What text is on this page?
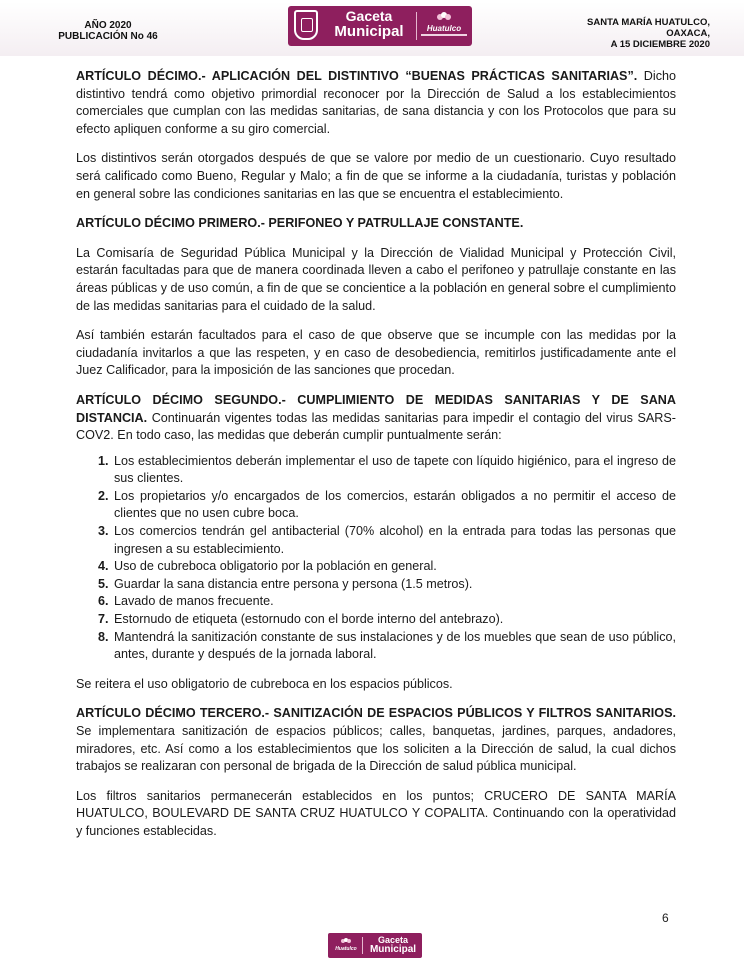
AÑO 2020
PUBLICACIÓN No 46
Gaceta
Municipal	Huatulco
SANTA MARÍA HUATULCO,
OAXACA,
A 15 DICIEMBRE 2020

ARTÍCULO DÉCIMO.- APLICACIÓN DEL DISTINTIVO “BUENAS PRÁCTICAS SANITARIAS”. Dicho distintivo tendrá como objetivo primordial reconocer por la Dirección de Salud a los establecimientos comerciales que cumplan con las medidas sanitarias, de sana distancia y con los Protocolos que para su efecto apliquen conforme a su giro comercial.

Los distintivos serán otorgados después de que se valore por medio de un cuestionario. Cuyo resultado será calificado como Bueno, Regular y Malo; a fin de que se informe a la ciudadanía, turistas y población en general sobre las condiciones sanitarias en las que se encuentra el establecimiento.

ARTÍCULO DÉCIMO PRIMERO.- PERIFONEO Y PATRULLAJE CONSTANTE.

La Comisaría de Seguridad Pública Municipal y la Dirección de Vialidad Municipal y Protección Civil, estarán facultadas para que de manera coordinada lleven a cabo el perifoneo y patrullaje constante en las áreas públicas y de uso común, a fin de que se concientice a la población en general sobre el cumplimiento de las medidas sanitarias para el cuidado de la salud.

Así también estarán facultados para el caso de que observe que se incumple con las medidas por la ciudadanía invitarlos a que las respeten, y en caso de desobediencia, remitirlos justificadamente ante el Juez Calificador, para la imposición de las sanciones que procedan.

ARTÍCULO DÉCIMO SEGUNDO.- CUMPLIMIENTO DE MEDIDAS SANITARIAS Y DE SANA DISTANCIA. Continuarán vigentes todas las medidas sanitarias para impedir el contagio del virus SARS-COV2. En todo caso, las medidas que deberán cumplir puntualmente serán:

1. Los establecimientos deberán implementar el uso de tapete con líquido higiénico, para el ingreso de sus clientes.
2. Los propietarios y/o encargados de los comercios, estarán obligados a no permitir el acceso de clientes que no usen cubre boca.
3. Los comercios tendrán gel antibacterial (70% alcohol) en la entrada para todas las personas que ingresen a su establecimiento.
4. Uso de cubreboca obligatorio por la población en general.
5. Guardar la sana distancia entre persona y persona (1.5 metros).
6. Lavado de manos frecuente.
7. Estornudo de etiqueta (estornudo con el borde interno del antebrazo).
8. Mantendrá la sanitización constante de sus instalaciones y de los muebles que sean de uso público, antes, durante y después de la jornada laboral.

Se reitera el uso obligatorio de cubreboca en los espacios públicos.

ARTÍCULO DÉCIMO TERCERO.- SANITIZACIÓN DE ESPACIOS PÚBLICOS Y FILTROS SANITARIOS. Se implementara sanitización de espacios públicos; calles, banquetas, jardines, parques, andadores, miradores, etc. Así como a los establecimientos que los soliciten a la Dirección de salud, la cual dichos trabajos se realizaran con personal de brigada de la Dirección de salud pública municipal.

Los filtros sanitarios permanecerán establecidos en los puntos; CRUCERO DE SANTA MARÍA HUATULCO, BOULEVARD DE SANTA CRUZ HUATULCO Y COPALITA. Continuando con la operatividad y funciones establecidas.

6
Huatulco
Gaceta
Municipal
